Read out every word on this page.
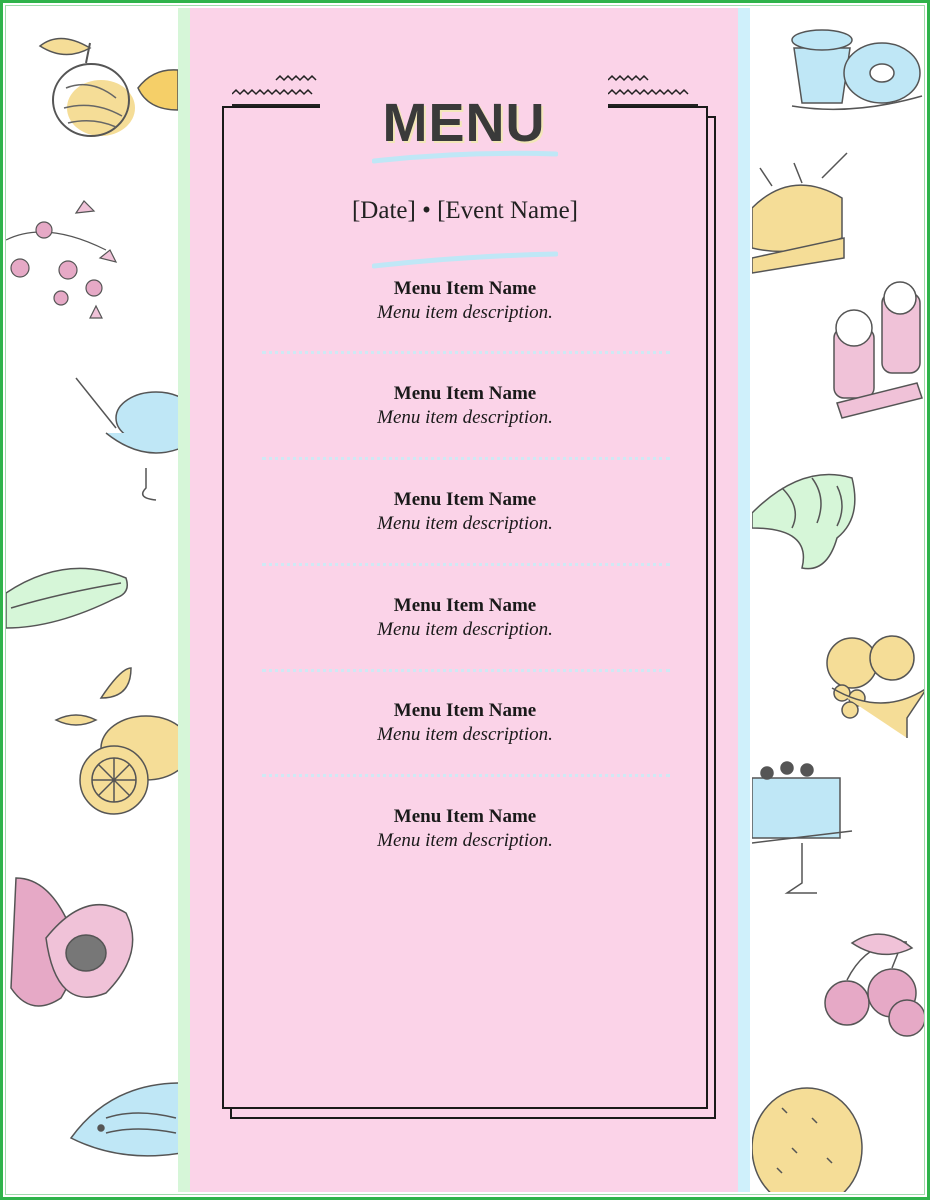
MENU
[Date] • [Event Name]
Menu Item Name
Menu item description.
Menu Item Name
Menu item description.
Menu Item Name
Menu item description.
Menu Item Name
Menu item description.
Menu Item Name
Menu item description.
Menu Item Name
Menu item description.
